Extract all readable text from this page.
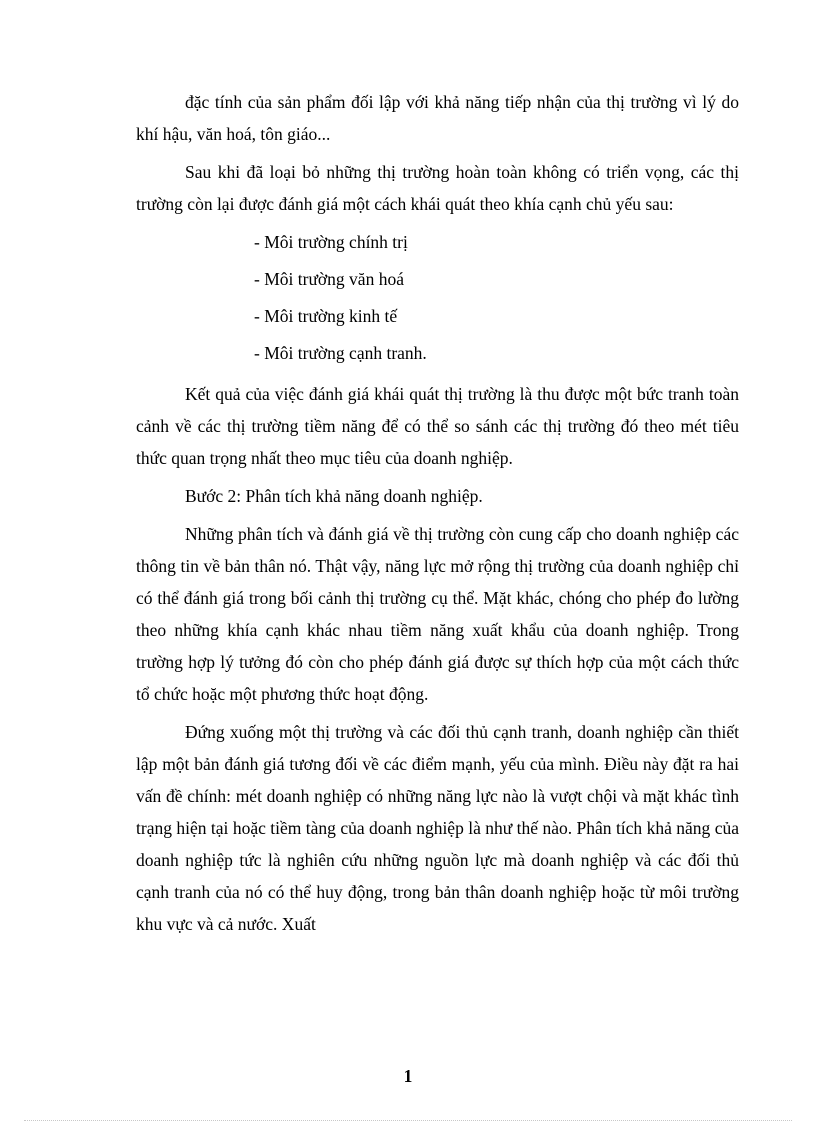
đặc tính của sản phẩm đối lập với khả năng tiếp nhận của thị trường vì lý do khí hậu, văn hoá, tôn giáo...

Sau khi đã loại bỏ những thị trường hoàn toàn không có triển vọng, các thị trường còn lại được đánh giá một cách khái quát theo khía cạnh chủ yếu sau:

- Môi trường chính trị
- Môi trường văn hoá
- Môi trường kinh tế
- Môi trường cạnh tranh.

Kết quả của việc đánh giá khái quát thị trường là thu được một bức tranh toàn cảnh về các thị trường tiềm năng để có thể so sánh các thị trường đó theo mét tiêu thức quan trọng nhất theo mục tiêu của doanh nghiệp.

Bước 2: Phân tích khả năng doanh nghiệp.

Những phân tích và đánh giá về thị trường còn cung cấp cho doanh nghiệp các thông tin về bản thân nó. Thật vậy, năng lực mở rộng thị trường của doanh nghiệp chỉ có thể đánh giá trong bối cảnh thị trường cụ thể. Mặt khác, chóng cho phép đo lường theo những khía cạnh khác nhau tiềm năng xuất khẩu của doanh nghiệp. Trong trường hợp lý tưởng đó còn cho phép đánh giá được sự thích hợp của một cách thức tổ chức hoặc một phương thức hoạt động.

Đứng xuống một thị trường và các đối thủ cạnh tranh, doanh nghiệp cần thiết lập một bản đánh giá tương đối về các điểm mạnh, yếu của mình. Điều này đặt ra hai vấn đề chính: mét doanh nghiệp có những năng lực nào là vượt chội và mặt khác tình trạng hiện tại hoặc tiềm tàng của doanh nghiệp là như thế nào. Phân tích khả năng của doanh nghiệp tức là nghiên cứu những nguồn lực mà doanh nghiệp và các đối thủ cạnh tranh của nó có thể huy động, trong bản thân doanh nghiệp hoặc từ môi trường khu vực và cả nước. Xuất

1
